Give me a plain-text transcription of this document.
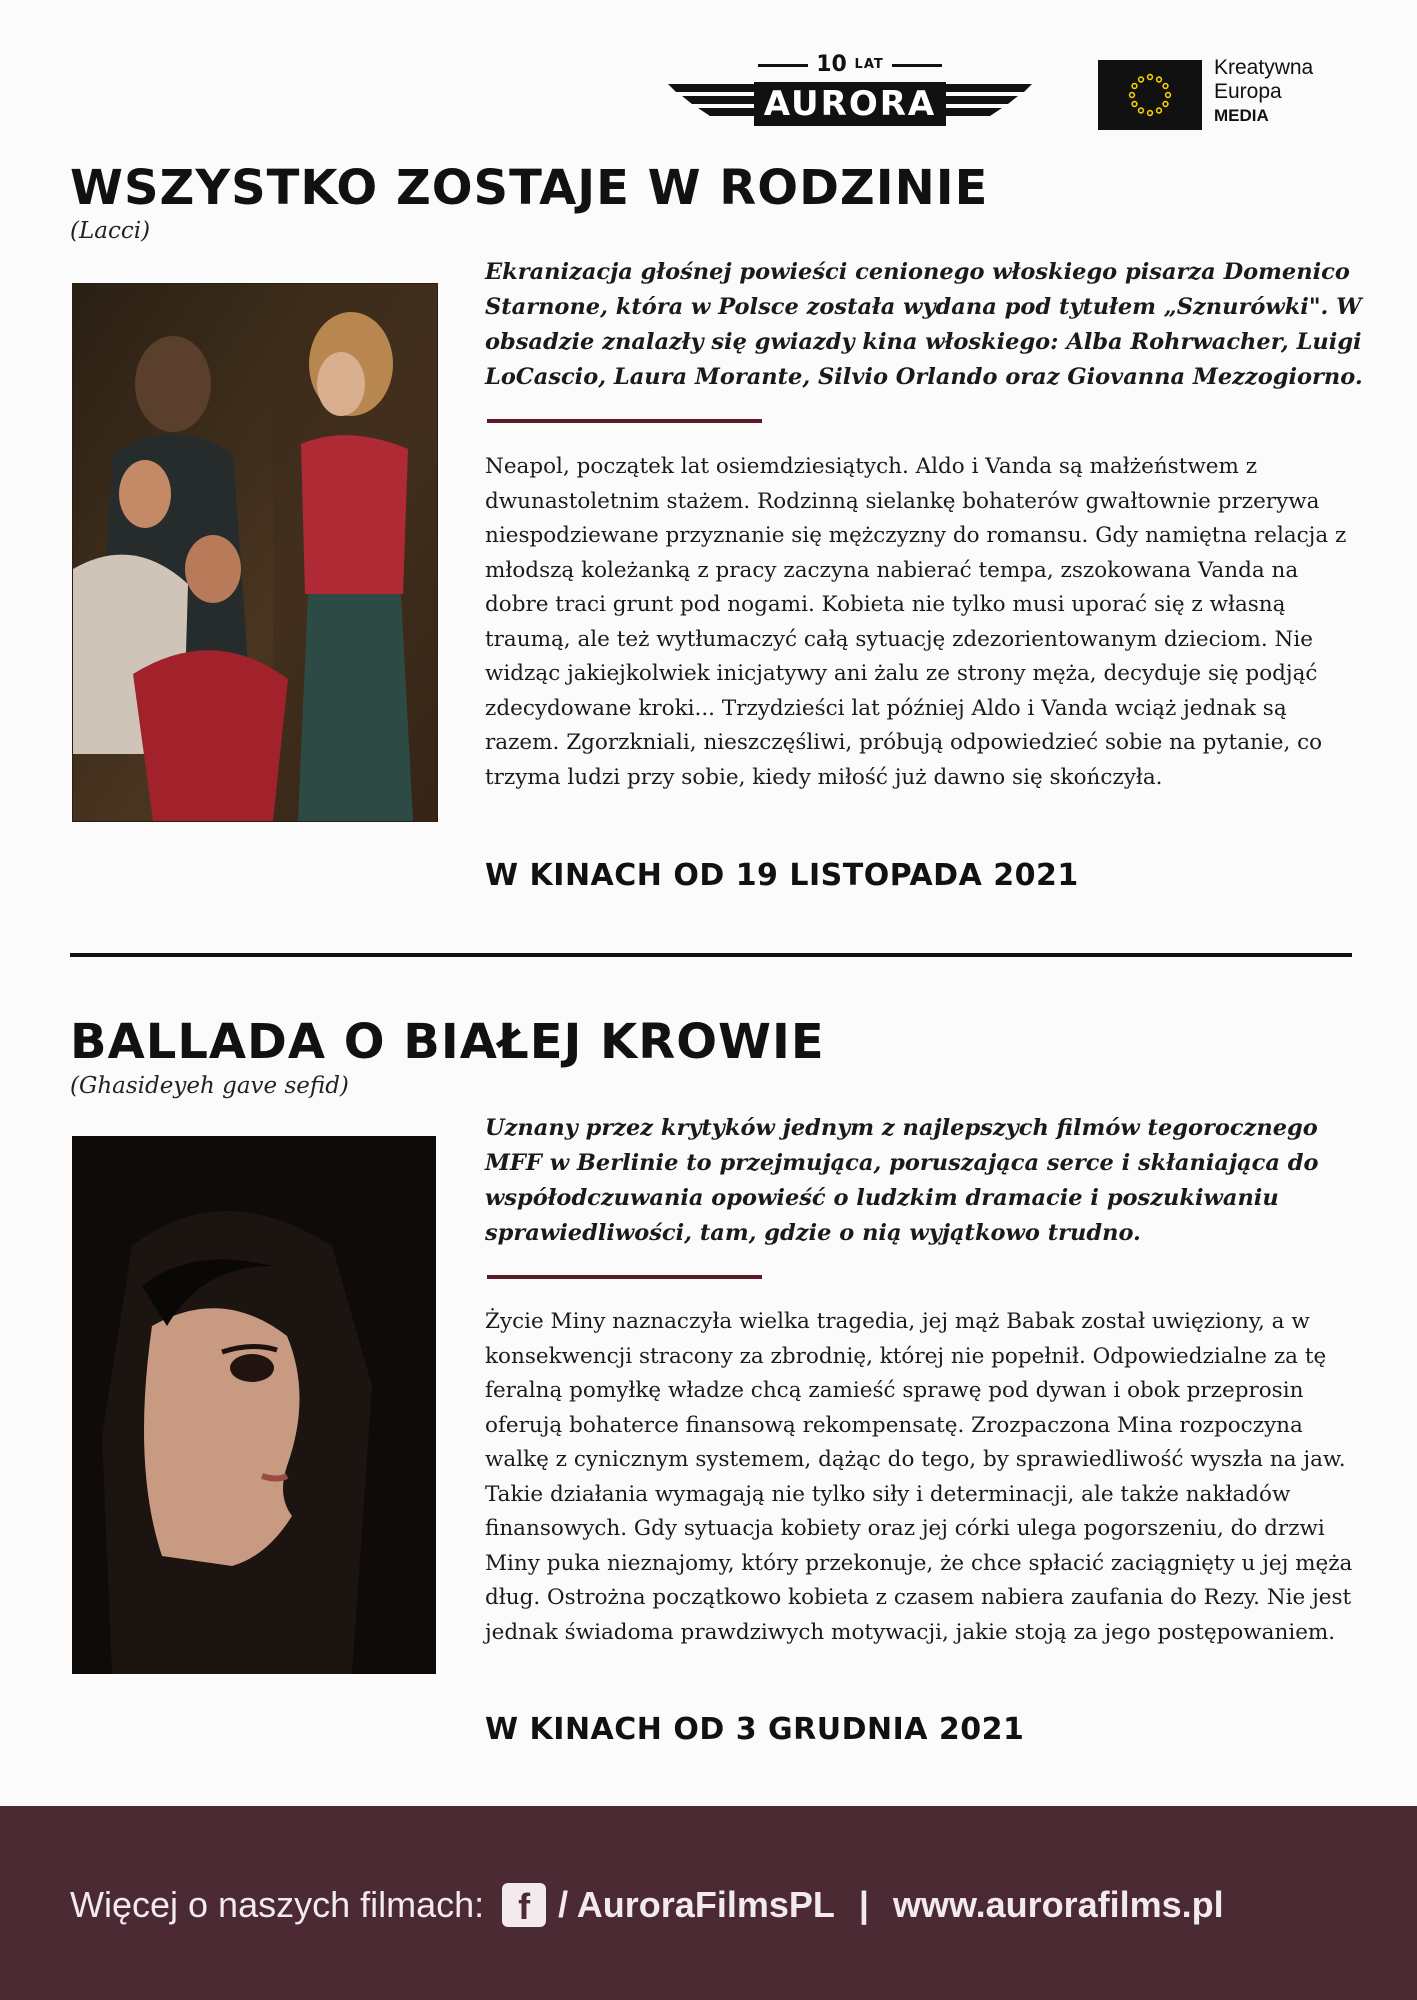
10 LAT
AURORA
Kreatywna
Europa
MEDIA
WSZYSTKO ZOSTAJE W RODZINIE

(Lacci)

Ekranizacja głośnej powieści cenionego włoskiego pisarza Domenico Starnone, która w Polsce została wydana pod tytułem „Sznurówki". W obsadzie znalazły się gwiazdy kina włoskiego: Alba Rohrwacher, Luigi LoCascio, Laura Morante, Silvio Orlando oraz Giovanna Mezzogiorno.

Neapol, początek lat osiemdziesiątych. Aldo i Vanda są małżeństwem z dwunastoletnim stażem. Rodzinną sielankę bohaterów gwałtownie przerywa niespodziewane przyznanie się mężczyzny do romansu. Gdy namiętna relacja z młodszą koleżanką z pracy zaczyna nabierać tempa, zszokowana Vanda na dobre traci grunt pod nogami. Kobieta nie tylko musi uporać się z własną traumą, ale też wytłumaczyć całą sytuację zdezorientowanym dzieciom. Nie widząc jakiejkolwiek inicjatywy ani żalu ze strony męża, decyduje się podjąć zdecydowane kroki... Trzydzieści lat później Aldo i Vanda wciąż jednak są razem. Zgorzkniali, nieszczęśliwi, próbują odpowiedzieć sobie na pytanie, co trzyma ludzi przy sobie, kiedy miłość już dawno się skończyła.

W KINACH OD 19 LISTOPADA 2021

BALLADA O BIAŁEJ KROWIE

(Ghasideyeh gave sefid)

Uznany przez krytyków jednym z najlepszych filmów tegorocznego MFF w Berlinie to przejmująca, poruszająca serce i skłaniająca do współodczuwania opowieść o ludzkim dramacie i poszukiwaniu sprawiedliwości, tam, gdzie o nią wyjątkowo trudno.

Życie Miny naznaczyła wielka tragedia, jej mąż Babak został uwięziony, a w konsekwencji stracony za zbrodnię, której nie popełnił. Odpowiedzialne za tę feralną pomyłkę władze chcą zamieść sprawę pod dywan i obok przeprosin oferują bohaterce finansową rekompensatę. Zrozpaczona Mina rozpoczyna walkę z cynicznym systemem, dążąc do tego, by sprawiedliwość wyszła na jaw. Takie działania wymagają nie tylko siły i determinacji, ale także nakładów finansowych. Gdy sytuacja kobiety oraz jej córki ulega pogorszeniu, do drzwi Miny puka nieznajomy, który przekonuje, że chce spłacić zaciągnięty u jej męża dług. Ostrożna początkowo kobieta z czasem nabiera zaufania do Rezy. Nie jest jednak świadoma prawdziwych motywacji, jakie stoją za jego postępowaniem.

W KINACH OD 3 GRUDNIA 2021

Więcej o naszych filmach: f / AuroraFilmsPL | www.aurorafilms.pl
